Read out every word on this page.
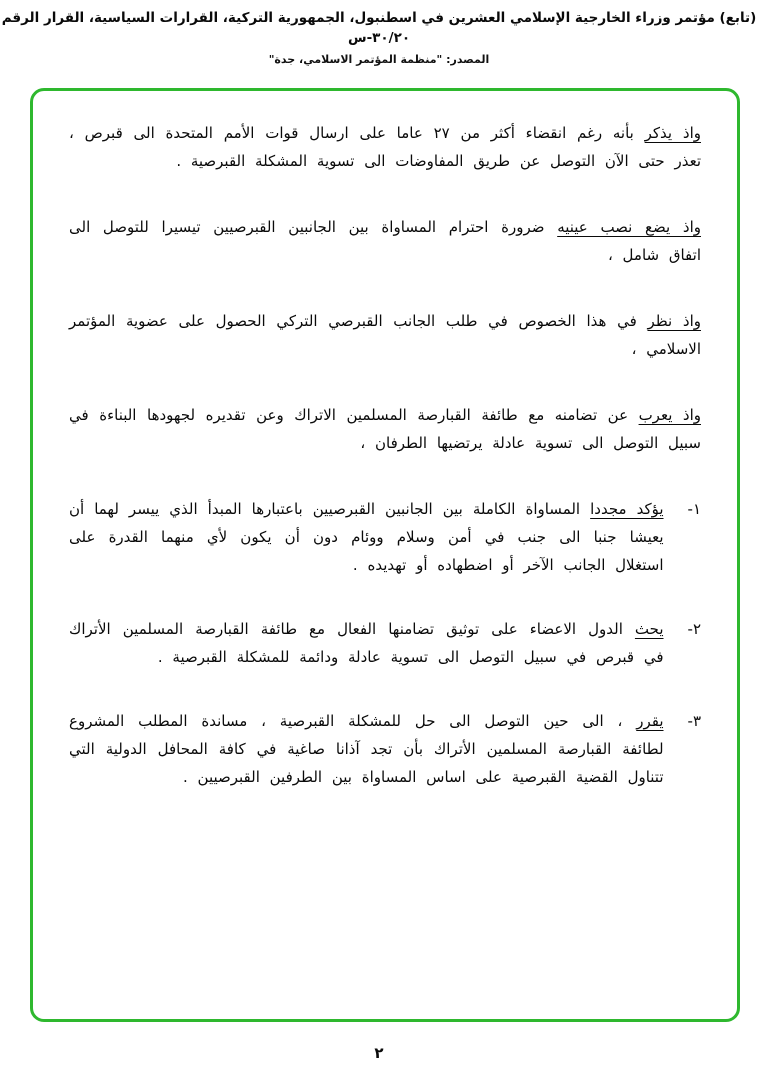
(تابع) مؤتمر وزراء الخارجية الإسلامي العشرين في اسطنبول، الجمهورية التركية، القرارات السياسية، القرار الرقم ٣٠/٢٠-س
المصدر: "منظمة المؤتمر الاسلامي، جدة"

واذ يذكر بأنه رغم انقضاء أكثر من ٢٧ عاما على ارسال قوات الأمم المتحدة الى قبرص ، تعذر حتى الآن التوصل عن طريق المفاوضات الى تسوية المشكلة القبرصية .

واذ يضع نصب عينيه ضرورة احترام المساواة بين الجانبين القبرصيين تيسيرا للتوصل الى اتفاق شامل ،

واذ نظر في هذا الخصوص في طلب الجانب القبرصي التركي الحصول على عضوية المؤتمر الاسلامي ،

واذ يعرب عن تضامنه مع طائفة القبارصة المسلمين الاتراك وعن تقديره لجهودها البناءة في سبيل التوصل الى تسوية عادلة يرتضيها الطرفان ،

١-

يؤكد مجددا المساواة الكاملة بين الجانبين القبرصيين باعتبارها المبدأ الذي ييسر لهما أن يعيشا جنبا الى جنب في أمن وسلام ووئام دون أن يكون لأي منهما القدرة على استغلال الجانب الآخر أو اضطهاده أو تهديده .

٢-

يحث الدول الاعضاء على توثيق تضامنها الفعال مع طائفة القبارصة المسلمين الأتراك في قبرص في سبيل التوصل الى تسوية عادلة ودائمة للمشكلة القبرصية .

٣-

يقرر ، الى حين التوصل الى حل للمشكلة القبرصية ، مساندة المطلب المشروع لطائفة القبارصة المسلمين الأتراك بأن تجد آذانا صاغية في كافة المحافل الدولية التي تتناول القضية القبرصية على اساس المساواة بين الطرفين القبرصيين .

٢
